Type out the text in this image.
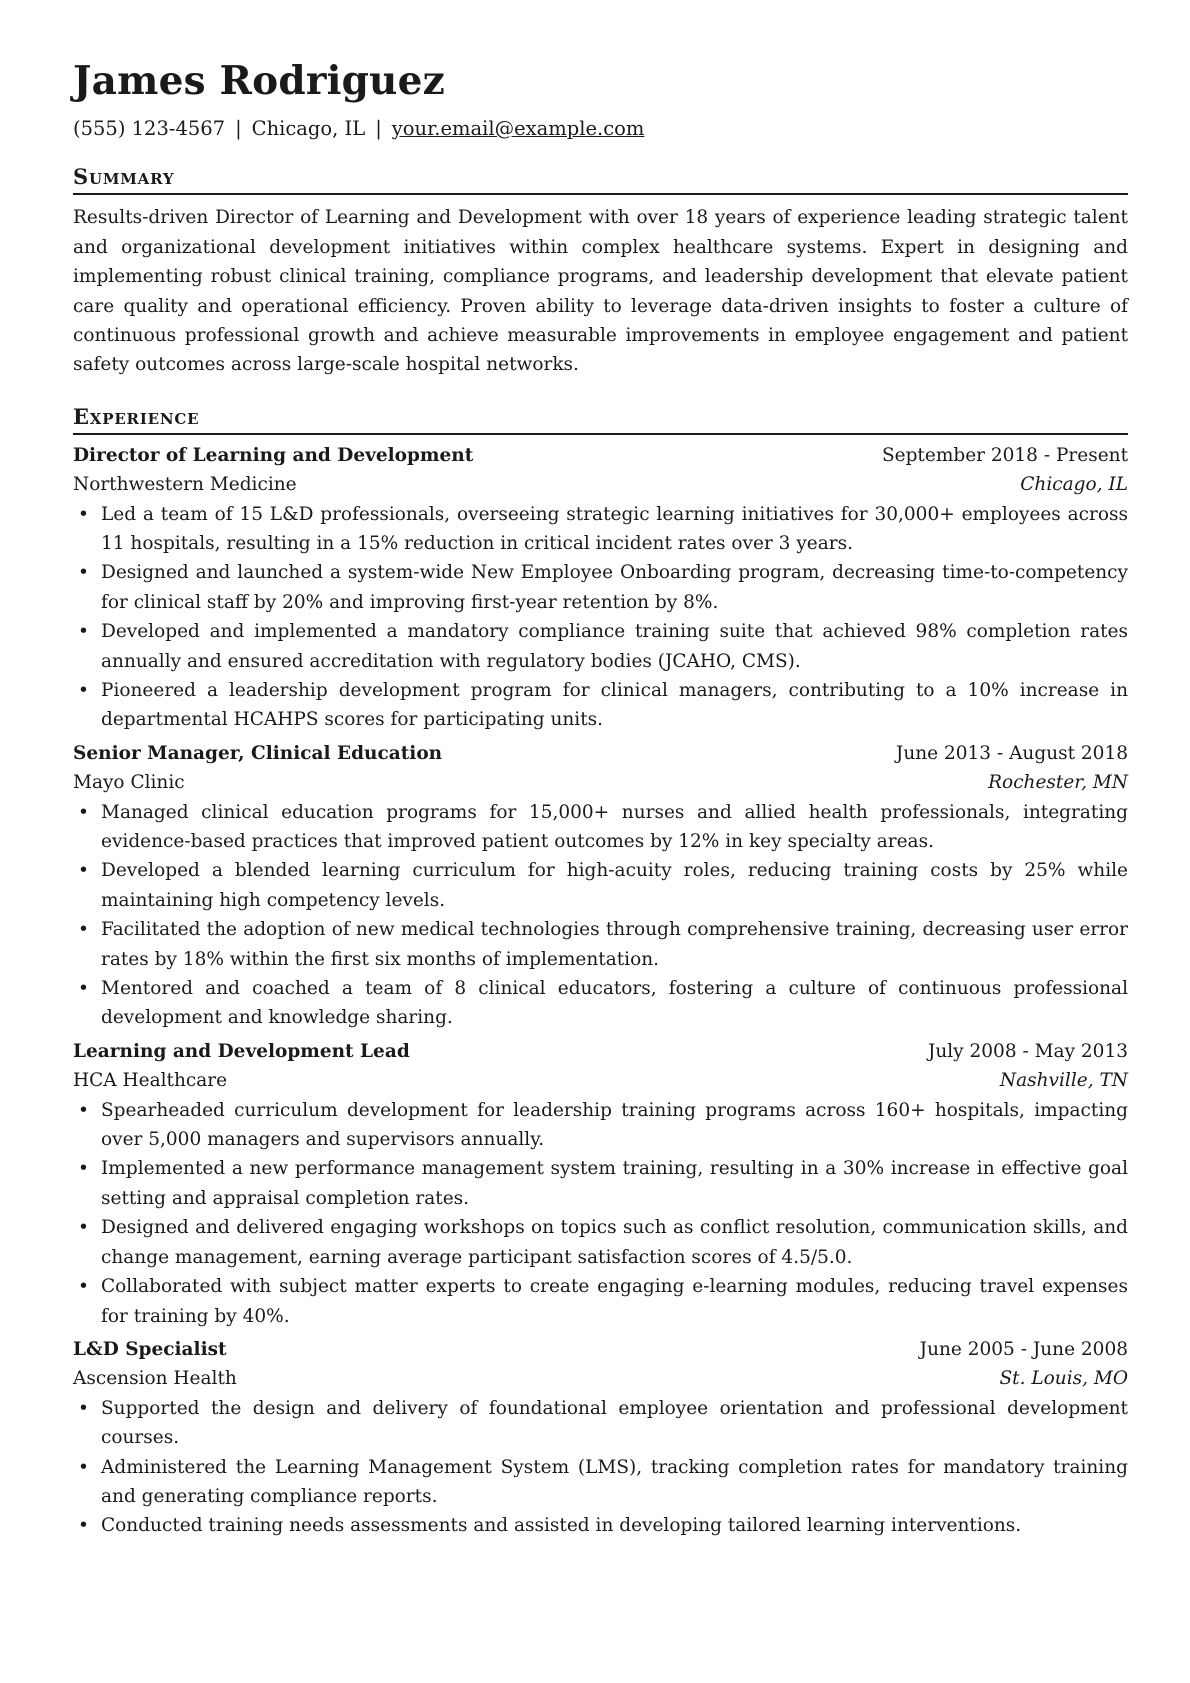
James Rodriguez
(555) 123-4567 | Chicago, IL | your.email@example.com
Summary
Results-driven Director of Learning and Development with over 18 years of experience leading strategic talent and organizational development initiatives within complex healthcare systems. Expert in designing and implementing robust clinical training, compliance programs, and leadership development that elevate patient care quality and operational efficiency. Proven ability to leverage data-driven insights to foster a culture of continuous professional growth and achieve measurable improvements in employee engagement and patient safety outcomes across large-scale hospital networks.
Experience
Director of Learning and Development	September 2018 - Present
Northwestern Medicine	Chicago, IL
• Led a team of 15 L&D professionals, overseeing strategic learning initiatives for 30,000+ employees across 11 hospitals, resulting in a 15% reduction in critical incident rates over 3 years.
• Designed and launched a system-wide New Employee Onboarding program, decreasing time-to-competency for clinical staff by 20% and improving first-year retention by 8%.
• Developed and implemented a mandatory compliance training suite that achieved 98% completion rates annually and ensured accreditation with regulatory bodies (JCAHO, CMS).
• Pioneered a leadership development program for clinical managers, contributing to a 10% increase in departmental HCAHPS scores for participating units.
Senior Manager, Clinical Education	June 2013 - August 2018
Mayo Clinic	Rochester, MN
• Managed clinical education programs for 15,000+ nurses and allied health professionals, integrating evidence-based practices that improved patient outcomes by 12% in key specialty areas.
• Developed a blended learning curriculum for high-acuity roles, reducing training costs by 25% while maintaining high competency levels.
• Facilitated the adoption of new medical technologies through comprehensive training, decreasing user error rates by 18% within the first six months of implementation.
• Mentored and coached a team of 8 clinical educators, fostering a culture of continuous professional development and knowledge sharing.
Learning and Development Lead	July 2008 - May 2013
HCA Healthcare	Nashville, TN
• Spearheaded curriculum development for leadership training programs across 160+ hospitals, impacting over 5,000 managers and supervisors annually.
• Implemented a new performance management system training, resulting in a 30% increase in effective goal setting and appraisal completion rates.
• Designed and delivered engaging workshops on topics such as conflict resolution, communication skills, and change management, earning average participant satisfaction scores of 4.5/5.0.
• Collaborated with subject matter experts to create engaging e-learning modules, reducing travel expenses for training by 40%.
L&D Specialist	June 2005 - June 2008
Ascension Health	St. Louis, MO
• Supported the design and delivery of foundational employee orientation and professional development courses.
• Administered the Learning Management System (LMS), tracking completion rates for mandatory training and generating compliance reports.
• Conducted training needs assessments and assisted in developing tailored learning interventions.
